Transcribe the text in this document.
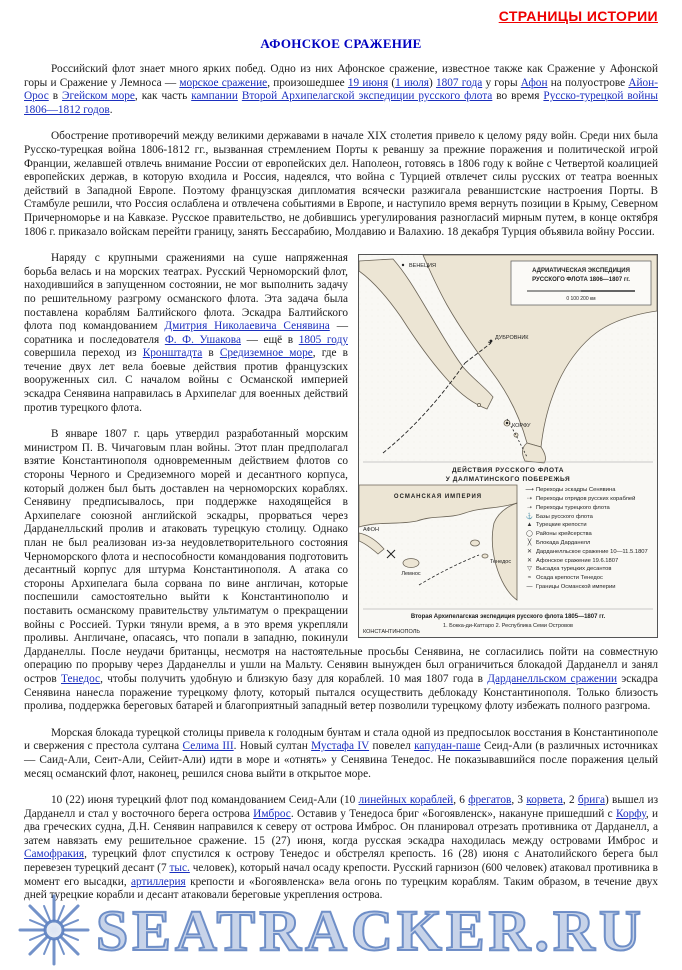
СТРАНИЦЫ ИСТОРИИ
АФОНСКОЕ СРАЖЕНИЕ

Российский флот знает много ярких побед. Одно из них Афонское сражение, известное также как Сражение у Афонской горы и Сражение у Лемноса — морское сражение, произошедшее 19 июня (1 июля) 1807 года у горы Афон на полуострове Айон-Орос в Эгейском море, как часть кампании Второй Архипелагской экспедиции русского флота во время Русско-турецкой войны 1806—1812 годов.

Обострение противоречий между великими державами в начале XIX столетия привело к целому ряду войн. Среди них была Русско-турецкая война 1806-1812 гг., вызванная стремлением Порты к реваншу за прежние поражения и политической игрой Франции, желавшей отвлечь внимание России от европейских дел. Наполеон, готовясь в 1806 году к войне с Четвертой коалицией европейских держав, в которую входила и Россия, надеялся, что война с Турцией отвлечет силы русских от театра военных действий в Западной Европе. Поэтому французская дипломатия всячески разжигала реваншистские настроения Порты. В Стамбуле решили, что Россия ослаблена и отвлечена событиями в Европе, и наступило время вернуть позиции в Крыму, Северном Причерноморье и на Кавказе. Русское правительство, не добившись урегулирования разногласий мирным путем, в конце октября 1806 г. приказало войскам перейти границу, занять Бессарабию, Молдавию и Валахию. 18 декабря Турция объявила войну России.

ВЕНЕЦИЯ
ДУБРОВНИК
КОРФУ
АДРИАТИЧЕСКАЯ ЭКСПЕДИЦИЯ
РУССКОГО ФЛОТА 1806—1807 гг.
0 100 200 км
ДЕЙСТВИЯ РУССКОГО ФЛОТА
У ДАЛМАТИНСКОГО ПОБЕРЕЖЬЯ
ОСМАНСКАЯ ИМПЕРИЯ
Лемнос
Тенедос
АФОН
КОНСТАНТИНОПОЛЬ
Вторая Архипелагская экспедиция русского флота 1805—1807 гг.
1. Бокка-ди-Каттаро 2. Республика Семи Островов
⟶ Переходы эскадры Сенявина
⇢ Переходы отрядов русских кораблей
➝ Переходы турецкого флота
⚓ Базы русского флота
▲ Турецкие крепости
◯ Районы крейсерства
╳ Блокада Дарданелл
✕ Дарданелльское сражение 10—11.5.1807
✕ Афонское сражение 19.6.1807
▽ Высадка турецких десантов
≈ Осада крепости Тенедос
— Границы Османской империи

Наряду с крупными сражениями на суше напряженная борьба велась и на морских театрах. Русский Черноморский флот, находившийся в запущенном состоянии, не мог выполнить задачу по решительному разгрому османского флота. Эта задача была поставлена кораблям Балтийского флота. Эскадра Балтийского флота под командованием Дмитрия Николаевича Сенявина — соратника и последователя Ф. Ф. Ушакова — ещё в 1805 году совершила переход из Кронштадта в Средиземное море, где в течение двух лет вела боевые действия против французских вооруженных сил. С началом войны с Османской империей эскадра Сенявина направилась в Архипелаг для военных действий против турецкого флота.

В январе 1807 г. царь утвердил разработанный морским министром П. В. Чичаговым план войны. Этот план предполагал взятие Константинополя одновременным действием флотов со стороны Черного и Средиземного морей и десантного корпуса, который должен был быть доставлен на черноморских кораблях. Сенявину предписывалось, при поддержке находящейся в Архипелаге союзной английской эскадры, прорваться через Дарданелльский пролив и атаковать турецкую столицу. Однако план не был реализован из-за неудовлетворительного состояния Черноморского флота и неспособности командования подготовить десантный корпус для штурма Константинополя. А атака со стороны Архипелага была сорвана по вине англичан, которые поспешили самостоятельно выйти к Константинополю и поставить османскому правительству ультиматум о прекращении войны с Россией. Турки тянули время, а в это время укрепляли проливы. Англичане, опасаясь, что попали в западню, покинули Дарданеллы. После неудачи британцы, несмотря на настоятельные просьбы Сенявина, не согласились пойти на совместную операцию по прорыву через Дарданеллы и ушли на Мальту. Сенявин вынужден был ограничиться блокадой Дарданелл и занял остров Тенедос, чтобы получить удобную и близкую базу для кораблей. 10 мая 1807 года в Дарданелльском сражении эскадра Сенявина нанесла поражение турецкому флоту, который пытался осуществить деблокаду Константинополя. Только близость пролива, поддержка береговых батарей и благоприятный западный ветер позволили турецкому флоту избежать полного разгрома.

Морская блокада турецкой столицы привела к голодным бунтам и стала одной из предпосылок восстания в Константинополе и свержения с престола султана Селима III. Новый султан Мустафа IV повелел капудан-паше Сеид-Али (в различных источниках — Саид-Али, Сеит-Али, Сейит-Али) идти в море и «отнять» у Сенявина Тенедос. Не показывавшийся после поражения целый месяц османский флот, наконец, решился снова выйти в открытое море.

10 (22) июня турецкий флот под командованием Сеид-Али (10 линейных кораблей, 6 фрегатов, 3 корвета, 2 брига) вышел из Дарданелл и стал у восточного берега острова Имброс. Оставив у Тенедоса бриг «Богоявленск», накануне пришедший с Корфу, и два греческих судна, Д.Н. Сенявин направился к северу от острова Имброс. Он планировал отрезать противника от Дарданелл, а затем навязать ему решительное сражение. 15 (27) июня, когда русская эскадра находилась между островами Имброс и Самофракия, турецкий флот спустился к острову Тенедос и обстрелял крепость. 16 (28) июня с Анатолийского берега был перевезен турецкий десант (7 тыс. человек), который начал осаду крепости. Русский гарнизон (600 человек) атаковал противника в момент его высадки, артиллерия крепости и «Богоявленска» вела огонь по турецким кораблям. Таким образом, в течение двух дней турецкие корабли и десант атаковали береговые укрепления острова.

SEATRACKER.RU
